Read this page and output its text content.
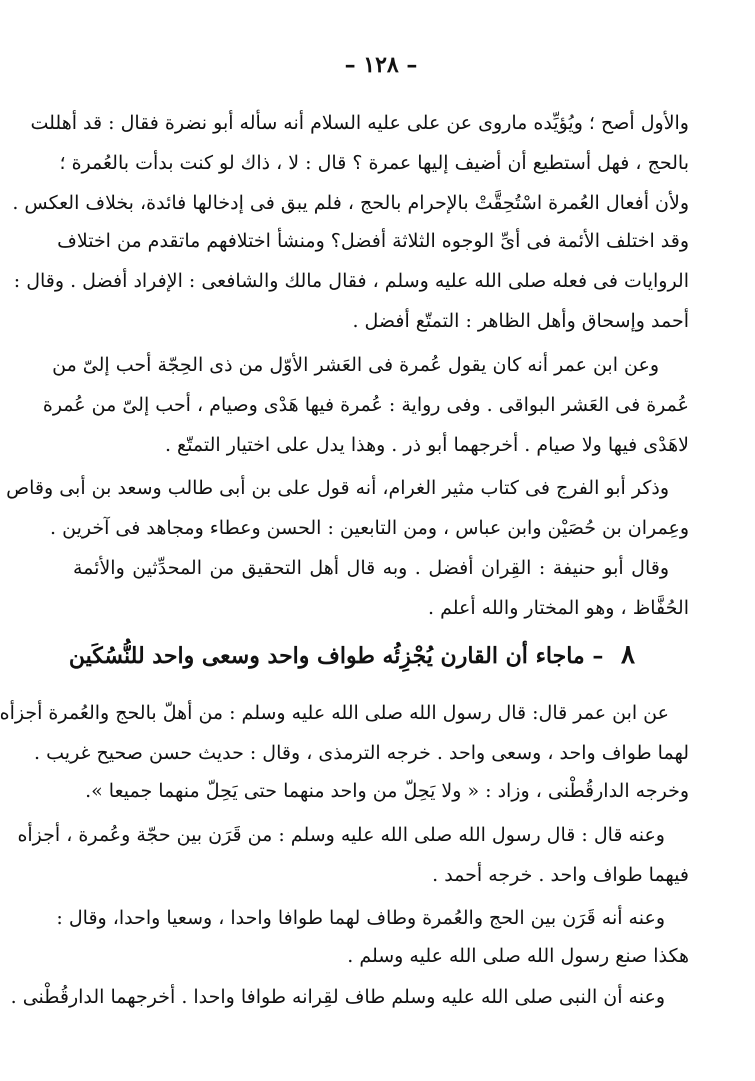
– ١٢٨ –
والأول أصح ؛ ويُؤيِّده ماروى عن على عليه السلام أنه سأله أبو نضرة فقال : قد أهللت
بالحج ، فهل أستطيع أن أضيف إليها عمرة ؟ قال : لا ، ذاك لو كنت بدأت بالعُمرة ؛
ولأن أفعال العُمرة اسْتُحِقَّتْ بالإحرام بالحج ، فلم يبق فى إدخالها فائدة، بخلاف العكس .
وقد اختلف الأئمة فى أىِّ الوجوه الثلاثة أفضل؟ ومنشأ اختلافهم ماتقدم من اختلاف
الروايات فى فعله صلى الله عليه وسلم ، فقال مالك والشافعى : الإفراد أفضل . وقال :
أحمد وإسحاق وأهل الظاهر : التمتّع أفضل .
وعن ابن عمر أنه كان يقول عُمرة فى العَشر الأوّل من ذى الحِجّة أحب إلىّ من
عُمرة فى العَشر البواقى . وفى رواية : عُمرة فيها هَدْى وصيام ، أحب إلىّ من عُمرة
لاهَدْى فيها ولا صيام . أخرجهما أبو ذر . وهذا يدل على اختيار التمتّع .
وذكر أبو الفرج فى كتاب مثير الغرام، أنه قول على بن أبى طالب وسعد بن أبى وقاص
وعِمران بن حُصَيْن وابن عباس ، ومن التابعين : الحسن وعطاء ومجاهد فى آخرين .
وقال أبو حنيفة : القِران أفضل . وبه قال أهل التحقيق من المحدِّثين والأئمة
الحُفَّاظ ، وهو المختار والله أعلم .
٨ – ماجاء أن القارن يُجْزِئُه طواف واحد وسعى واحد للنُّسُكَين
عن ابن عمر قال: قال رسول الله صلى الله عليه وسلم : من أهلّ بالحج والعُمرة أجزأه
لهما طواف واحد ، وسعى واحد . خرجه الترمذى ، وقال : حديث حسن صحيح غريب .
وخرجه الدارقُطْنى ، وزاد : « ولا يَحِلّ من واحد منهما حتى يَحِلّ منهما جميعا ».
وعنه قال : قال رسول الله صلى الله عليه وسلم : من قَرَن بين حجّة وعُمرة ، أجزأه
فيهما طواف واحد . خرجه أحمد .
وعنه أنه قَرَن بين الحج والعُمرة وطاف لهما طوافا واحدا ، وسعيا واحدا، وقال :
هكذا صنع رسول الله صلى الله عليه وسلم .
وعنه أن النبى صلى الله عليه وسلم طاف لقِرانه طوافا واحدا . أخرجهما الدارقُطْنى .
